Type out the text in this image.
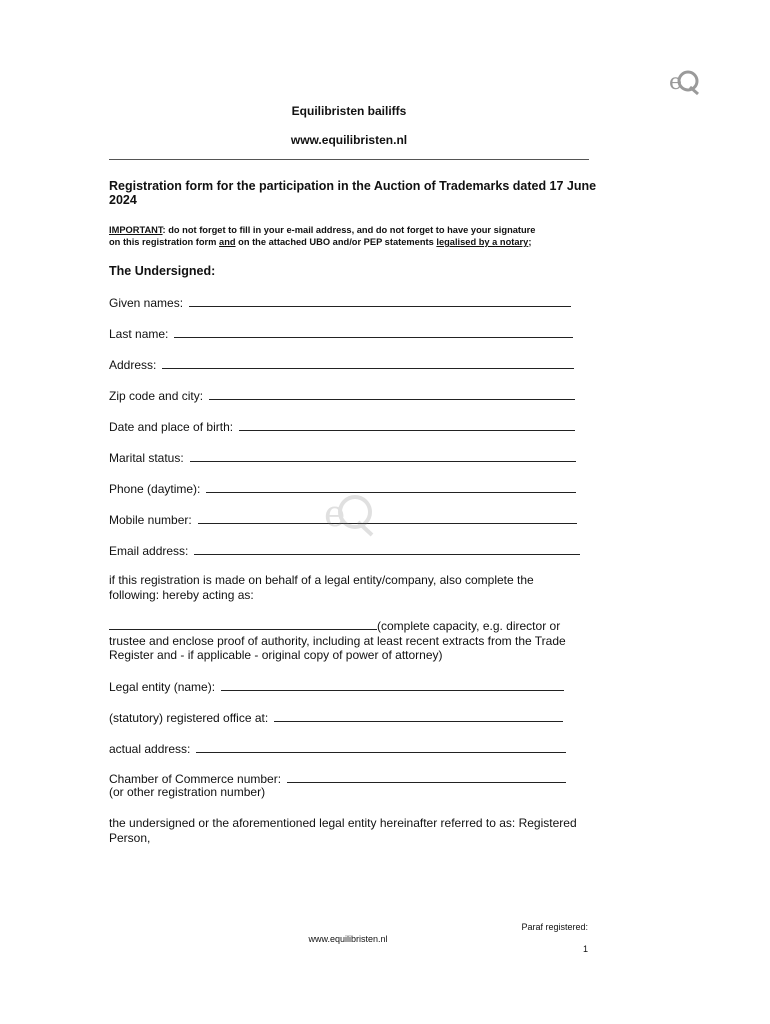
e
Equilibristen bailiffs
www.equilibristen.nl
Registration form for the participation in the Auction of Trademarks dated 17 June 2024
IMPORTANT: do not forget to fill in your e-mail address, and do not forget to have your signature
on this registration form and on the attached UBO and/or PEP statements legalised by a notary;
The Undersigned:
Given names:
Last name:
Address:
Zip code and city:
Date and place of birth:
Marital status:
Phone (daytime):
Mobile number:
Email address:
e
if this registration is made on behalf of a legal entity/company, also complete the following: hereby acting as:
(complete capacity, e.g. director or trustee and enclose proof of authority, including at least recent extracts from the Trade Register and - if applicable - original copy of power of attorney)
Legal entity (name):
(statutory) registered office at:
actual address:
Chamber of Commerce number:
(or other registration number)
the undersigned or the aforementioned legal entity hereinafter referred to as: Registered Person,
Paraf registered:
www.equilibristen.nl
1
